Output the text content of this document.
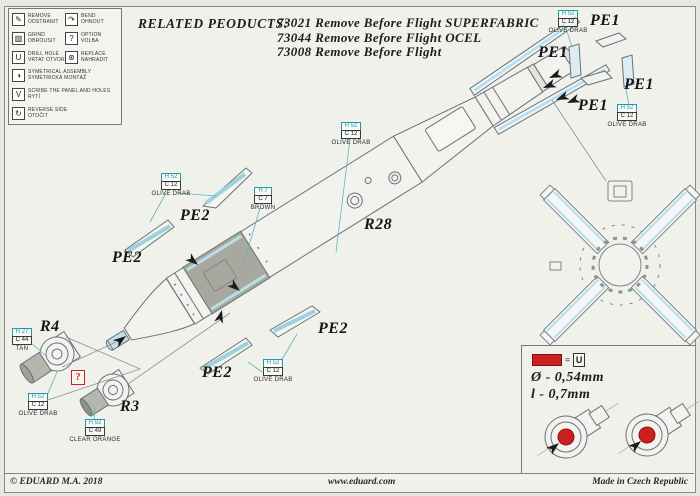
✎	REMOVE
ODSTRANIT	↷	BEND
OHNOUT
▨	GRIND
OBROUSIT	?	OPTION
VOLBA
U	DRILL HOLE
VRTAT OTVOR ⊛	REPLACE
NAHRADIT
◑	SYMETRICAL ASSEMBLY
SYMETRICKÁ MONTÁŽ
V	SCRIBE THE PANEL AND HOLES
RYTÍ
↻	REVERSE SIDE
OTOČIT
RELATED PEODUCTS:
73021 Remove Before Flight SUPERFABRIC
73044 Remove Before Flight OCEL
73008 Remove Before Flight
PE1
PE1
PE1
PE1
PE2
PE2
PE2
PE2
R28
R4
R3
H 52
C 12
OLIVE DRAB
H 52
C 12
OLIVE DRAB
H 52
C 12
OLIVE DRAB
H 52
C 12
OLIVE DRAB	H 7
C 7
BROWN
H 52
C 12
OLIVE DRAB
H 27
C 44
TAN
H 52
C 12
OLIVE DRAB
H 92
C 49
CLEAR ORANGE
?
= U
Ø - 0,54mm
l - 0,7mm
© EDUARD M.A. 2018	www.eduard.com	Made in Czech Republic
